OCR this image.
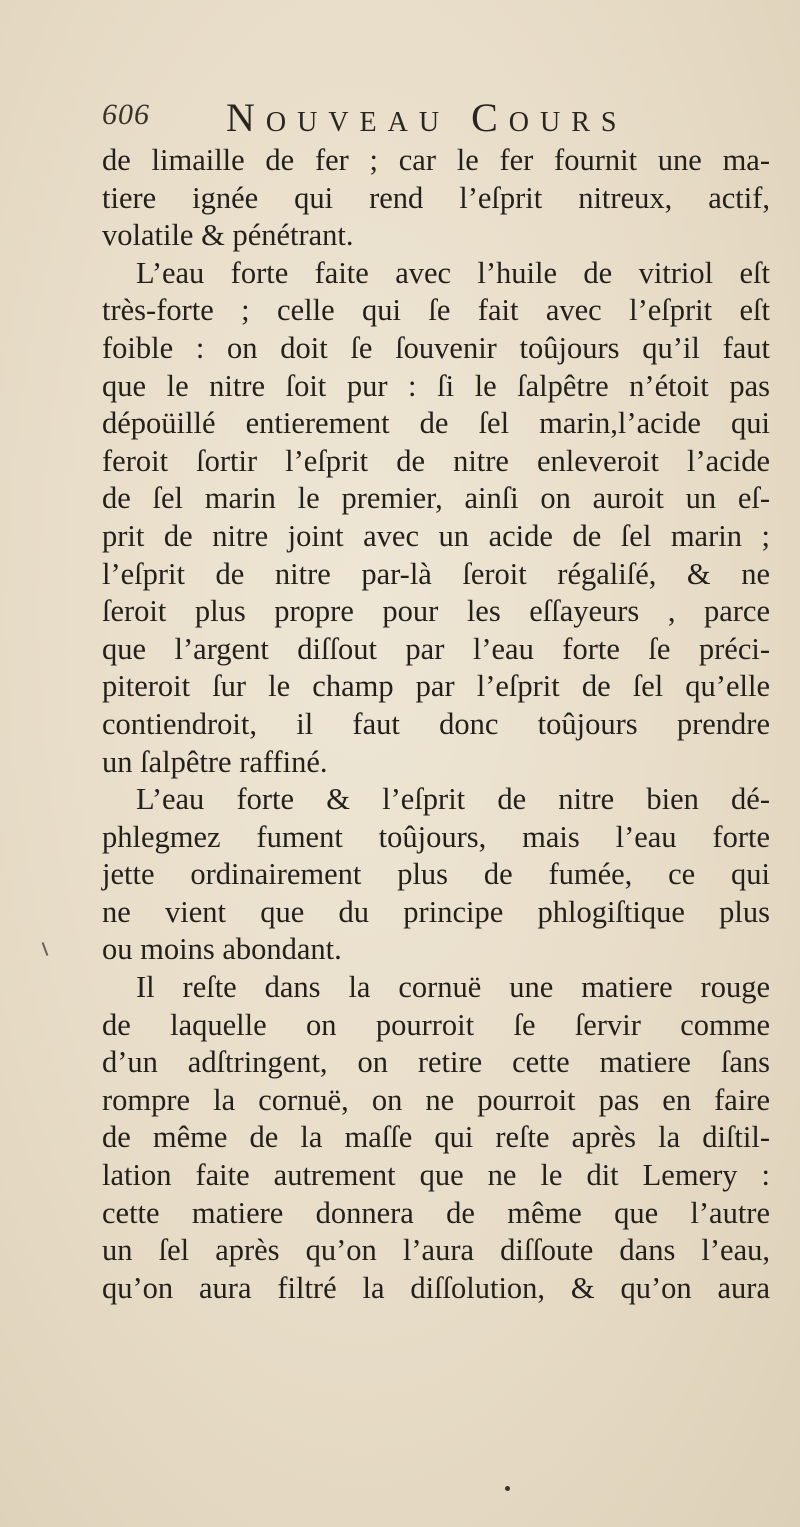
606 Nouveau Cours
de limaille de fer ; car le fer fournit une ma-
tiere ignée qui rend l’eſprit nitreux, actif,
volatile & pénétrant.
L’eau forte faite avec l’huile de vitriol eſt
très-forte ; celle qui ſe fait avec l’eſprit eſt
foible : on doit ſe ſouvenir toûjours qu’il faut
que le nitre ſoit pur : ſi le ſalpêtre n’étoit pas
dépoüillé entierement de ſel marin,l’acide qui
feroit ſortir l’eſprit de nitre enleveroit l’acide
de ſel marin le premier, ainſi on auroit un eſ-
prit de nitre joint avec un acide de ſel marin ;
l’eſprit de nitre par-là ſeroit régaliſé, & ne
ſeroit plus propre pour les eſſayeurs , parce
que l’argent diſſout par l’eau forte ſe préci-
piteroit ſur le champ par l’eſprit de ſel qu’elle
contiendroit, il faut donc toûjours prendre
un ſalpêtre raffiné.
L’eau forte & l’eſprit de nitre bien dé-
phlegmez fument toûjours, mais l’eau forte
jette ordinairement plus de fumée, ce qui
ne vient que du principe phlogiſtique plus
ou moins abondant.
Il reſte dans la cornuë une matiere rouge
de laquelle on pourroit ſe ſervir comme
d’un adſtringent, on retire cette matiere ſans
rompre la cornuë, on ne pourroit pas en faire
de même de la maſſe qui reſte après la diſtil-
lation faite autrement que ne le dit Lemery :
cette matiere donnera de même que l’autre
un ſel après qu’on l’aura diſſoute dans l’eau,
qu’on aura filtré la diſſolution, & qu’on aura
